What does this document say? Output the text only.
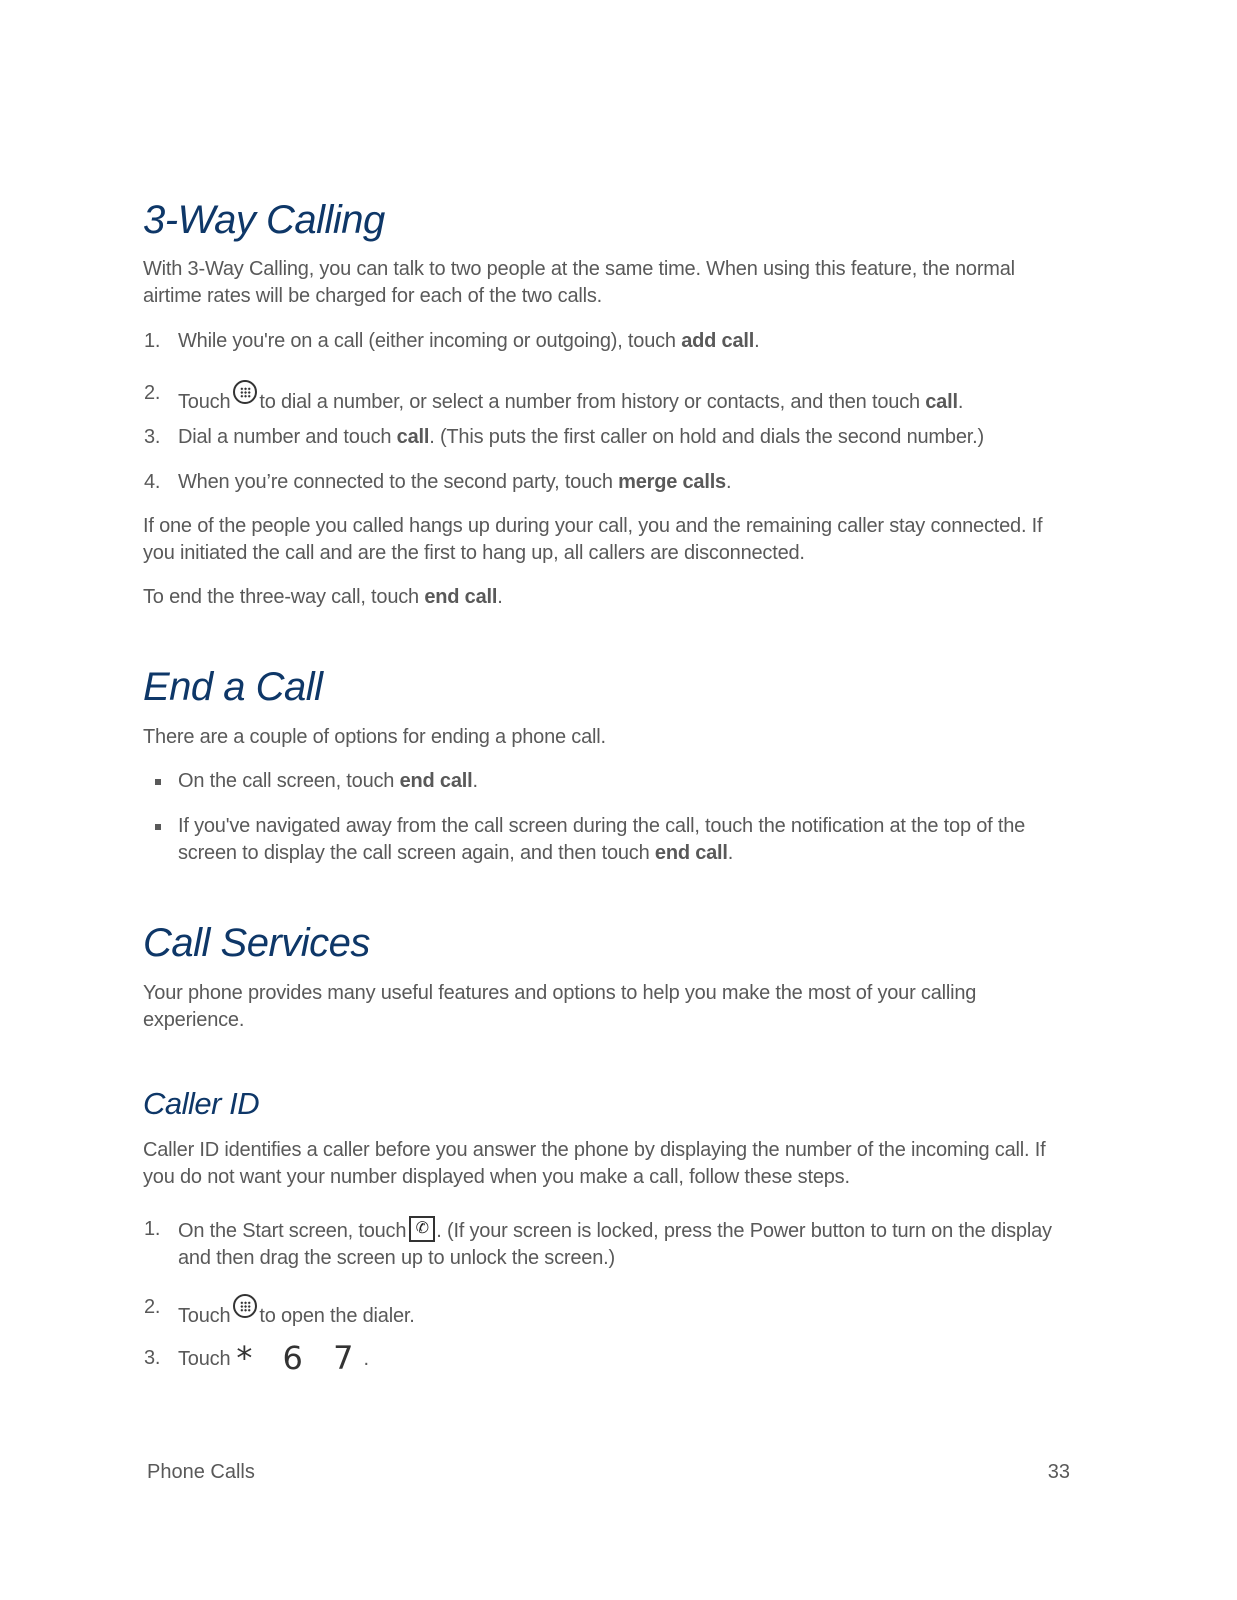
3-Way Calling

With 3-Way Calling, you can talk to two people at the same time. When using this feature, the normal airtime rates will be charged for each of the two calls.

1. While you're on a call (either incoming or outgoing), touch add call.
2. Touch to dial a number, or select a number from history or contacts, and then touch call.
3. Dial a number and touch call. (This puts the first caller on hold and dials the second number.)
4. When you’re connected to the second party, touch merge calls.

If one of the people you called hangs up during your call, you and the remaining caller stay connected. If you initiated the call and are the first to hang up, all callers are disconnected.

To end the three-way call, touch end call.

End a Call

There are a couple of options for ending a phone call.

On the call screen, touch end call.
If you've navigated away from the call screen during the call, touch the notification at the top of the screen to display the call screen again, and then touch end call.
Call Services

Your phone provides many useful features and options to help you make the most of your calling experience.

Caller ID

Caller ID identifies a caller before you answer the phone by displaying the number of the incoming call. If you do not want your number displayed when you make a call, follow these steps.

1. On the Start screen, touch ✆ . (If your screen is locked, press the Power button to turn on the display and then drag the screen up to unlock the screen.)
2. Touch to open the dialer.
3. Touch * 6 7.
Phone Calls	33
